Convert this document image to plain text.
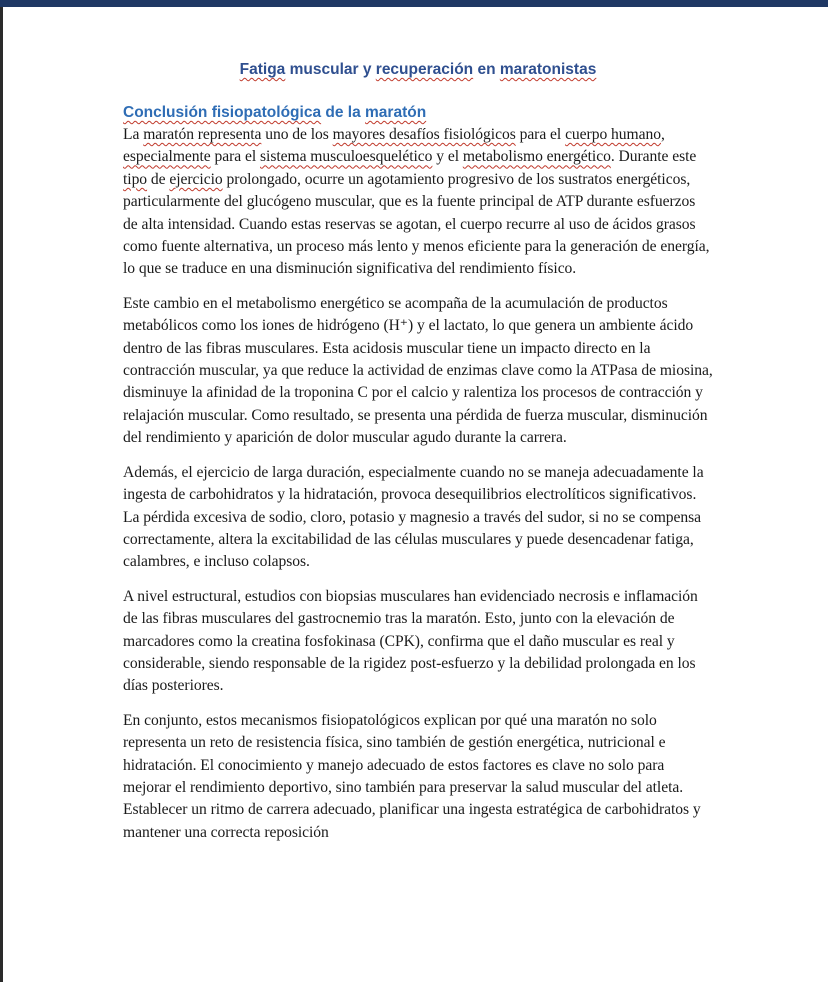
Fatiga muscular y recuperación en maratonistas
Conclusión fisiopatológica de la maratón

La maratón representa uno de los mayores desafíos fisiológicos para el cuerpo humano, especialmente para el sistema musculoesquelético y el metabolismo energético. Durante este tipo de ejercicio prolongado, ocurre un agotamiento progresivo de los sustratos energéticos, particularmente del glucógeno muscular, que es la fuente principal de ATP durante esfuerzos de alta intensidad. Cuando estas reservas se agotan, el cuerpo recurre al uso de ácidos grasos como fuente alternativa, un proceso más lento y menos eficiente para la generación de energía, lo que se traduce en una disminución significativa del rendimiento físico.

Este cambio en el metabolismo energético se acompaña de la acumulación de productos metabólicos como los iones de hidrógeno (H⁺) y el lactato, lo que genera un ambiente ácido dentro de las fibras musculares. Esta acidosis muscular tiene un impacto directo en la contracción muscular, ya que reduce la actividad de enzimas clave como la ATPasa de miosina, disminuye la afinidad de la troponina C por el calcio y ralentiza los procesos de contracción y relajación muscular. Como resultado, se presenta una pérdida de fuerza muscular, disminución del rendimiento y aparición de dolor muscular agudo durante la carrera.

Además, el ejercicio de larga duración, especialmente cuando no se maneja adecuadamente la ingesta de carbohidratos y la hidratación, provoca desequilibrios electrolíticos significativos. La pérdida excesiva de sodio, cloro, potasio y magnesio a través del sudor, si no se compensa correctamente, altera la excitabilidad de las células musculares y puede desencadenar fatiga, calambres, e incluso colapsos.

A nivel estructural, estudios con biopsias musculares han evidenciado necrosis e inflamación de las fibras musculares del gastrocnemio tras la maratón. Esto, junto con la elevación de marcadores como la creatina fosfokinasa (CPK), confirma que el daño muscular es real y considerable, siendo responsable de la rigidez post-esfuerzo y la debilidad prolongada en los días posteriores.

En conjunto, estos mecanismos fisiopatológicos explican por qué una maratón no solo representa un reto de resistencia física, sino también de gestión energética, nutricional e hidratación. El conocimiento y manejo adecuado de estos factores es clave no solo para mejorar el rendimiento deportivo, sino también para preservar la salud muscular del atleta. Establecer un ritmo de carrera adecuado, planificar una ingesta estratégica de carbohidratos y mantener una correcta reposición
